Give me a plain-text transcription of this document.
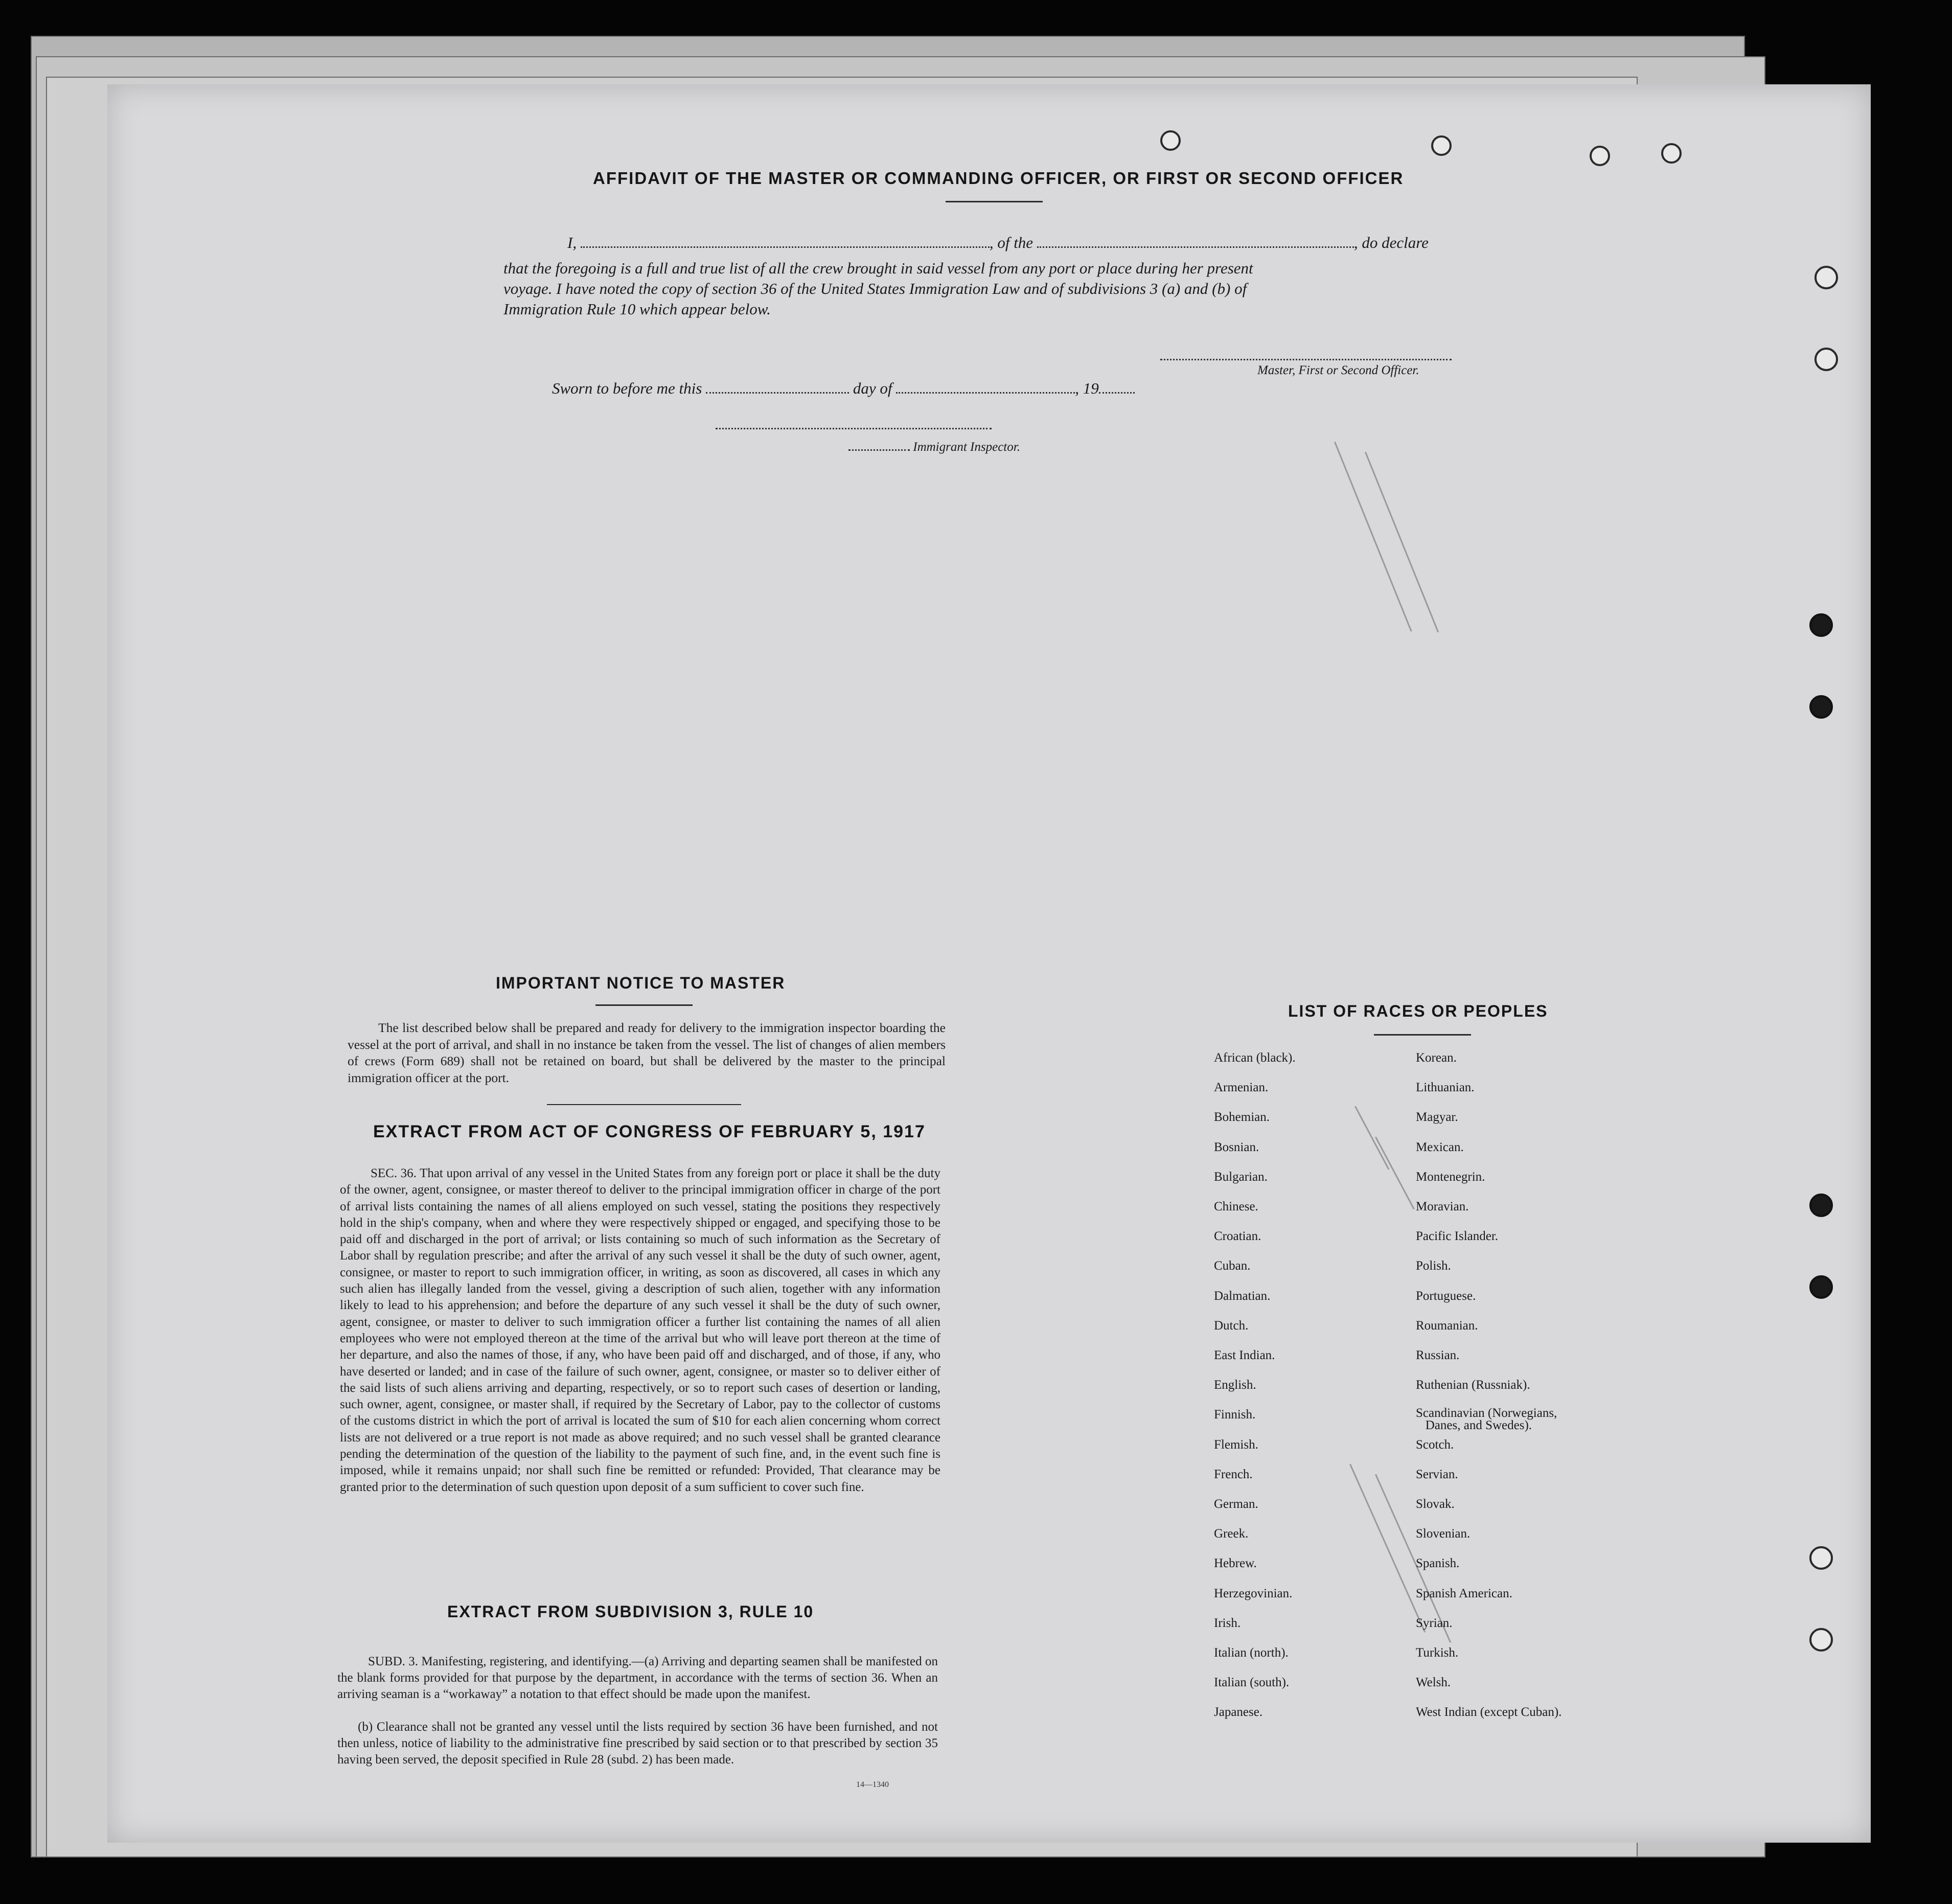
AFFIDAVIT OF THE MASTER OR COMMANDING OFFICER, OR FIRST OR SECOND OFFICER
I,	, of the	, do declare
that the foregoing is a full and true list of all the crew brought in said vessel from any port or place during her present
voyage. I have noted the copy of section 36 of the United States Immigration Law and of subdivisions 3 (a) and (b) of
Immigration Rule 10 which appear below.
Master, First or Second Officer.
Sworn to before me this	day of	, 19
Immigrant Inspector.
IMPORTANT NOTICE TO MASTER
The list described below shall be prepared and ready for delivery to the immigration inspector boarding the vessel at the port of arrival, and shall in no instance be taken from the vessel. The list of changes of alien members of crews (Form 689) shall not be retained on board, but shall be delivered by the master to the principal immigration officer at the port.
EXTRACT FROM ACT OF CONGRESS OF FEBRUARY 5, 1917
SEC. 36. That upon arrival of any vessel in the United States from any foreign port or place it shall be the duty of the owner, agent, consignee, or master thereof to deliver to the principal immigration officer in charge of the port of arrival lists containing the names of all aliens employed on such vessel, stating the positions they respectively hold in the ship's company, when and where they were respectively shipped or engaged, and specifying those to be paid off and discharged in the port of arrival; or lists containing so much of such information as the Secretary of Labor shall by regulation prescribe; and after the arrival of any such vessel it shall be the duty of such owner, agent, consignee, or master to report to such immigration officer, in writing, as soon as discovered, all cases in which any such alien has illegally landed from the vessel, giving a description of such alien, together with any information likely to lead to his apprehension; and before the departure of any such vessel it shall be the duty of such owner, agent, consignee, or master to deliver to such immigration officer a further list containing the names of all alien employees who were not employed thereon at the time of the arrival but who will leave port thereon at the time of her departure, and also the names of those, if any, who have been paid off and discharged, and of those, if any, who have deserted or landed; and in case of the failure of such owner, agent, consignee, or master so to deliver either of the said lists of such aliens arriving and departing, respectively, or so to report such cases of desertion or landing, such owner, agent, consignee, or master shall, if required by the Secretary of Labor, pay to the collector of customs of the customs district in which the port of arrival is located the sum of $10 for each alien concerning whom correct lists are not delivered or a true report is not made as above required; and no such vessel shall be granted clearance pending the determination of the question of the liability to the payment of such fine, and, in the event such fine is imposed, while it remains unpaid; nor shall such fine be remitted or refunded: Provided, That clearance may be granted prior to the determination of such question upon deposit of a sum sufficient to cover such fine.
EXTRACT FROM SUBDIVISION 3, RULE 10
SUBD. 3. Manifesting, registering, and identifying.—(a) Arriving and departing seamen shall be manifested on the blank forms provided for that purpose by the department, in accordance with the terms of section 36. When an arriving seaman is a “workaway” a notation to that effect should be made upon the manifest.
(b) Clearance shall not be granted any vessel until the lists required by section 36 have been furnished, and not then unless, notice of liability to the administrative fine prescribed by said section or to that prescribed by section 35 having been served, the deposit specified in Rule 28 (subd. 2) has been made.
14—1340
LIST OF RACES OR PEOPLES
African (black).
Armenian.
Bohemian.
Bosnian.
Bulgarian.
Chinese.
Croatian.
Cuban.
Dalmatian.
Dutch.
East Indian.
English.
Finnish.
Flemish.
French.
German.
Greek.
Hebrew.
Herzegovinian.
Irish.
Italian (north).
Italian (south).
Japanese.
Korean.
Lithuanian.
Magyar.
Mexican.
Montenegrin.
Moravian.
Pacific Islander.
Polish.
Portuguese.
Roumanian.
Russian.
Ruthenian (Russniak).
Scandinavian (Norwegians,
Danes, and Swedes).
Scotch.
Servian.
Slovak.
Slovenian.
Spanish.
Spanish American.
Syrian.
Turkish.
Welsh.
West Indian (except Cuban).
